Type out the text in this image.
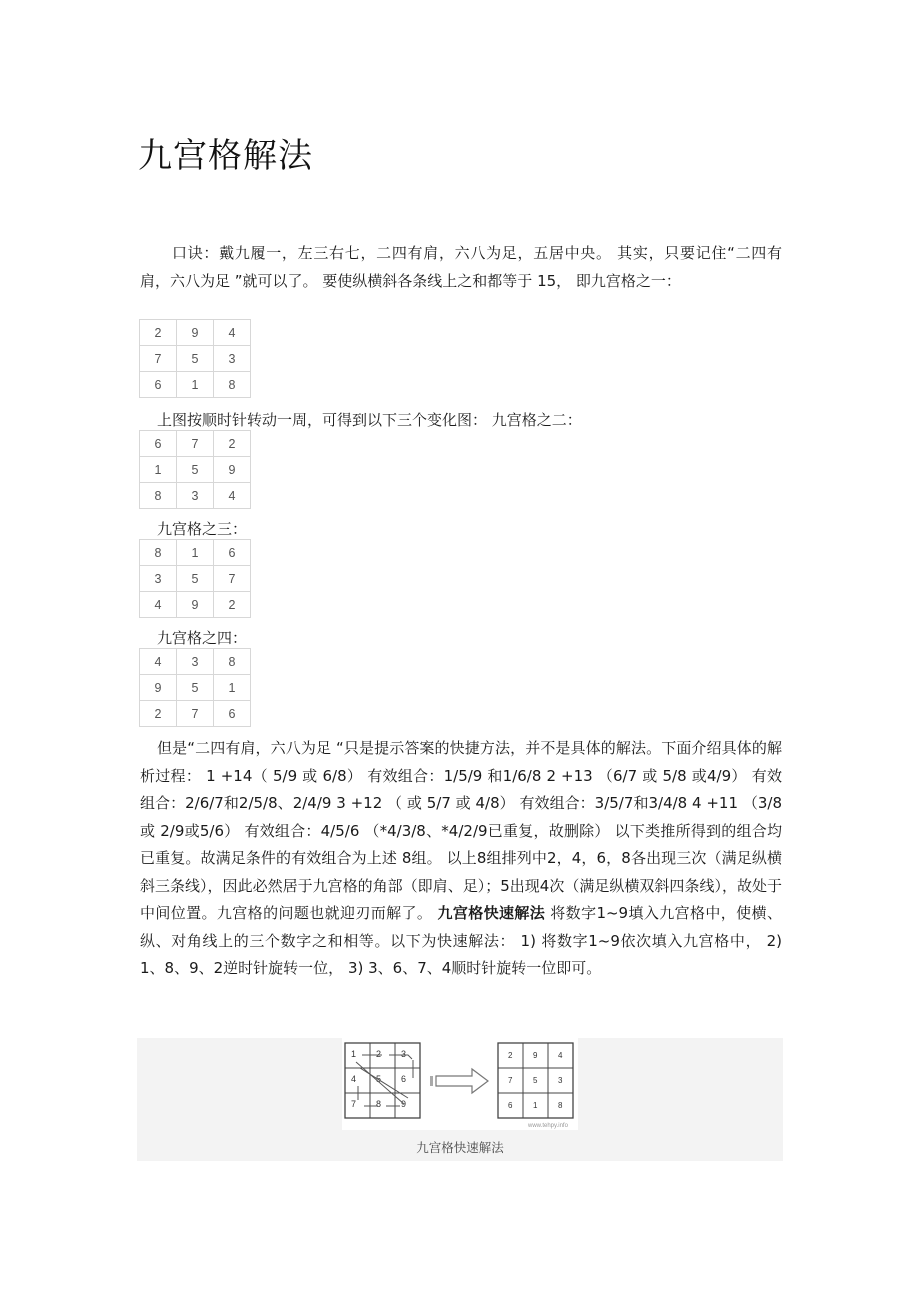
九宫格解法

口诀：戴九履一，左三右七，二四有肩，六八为足，五居中央。 其实，只要记住“二四有肩，六八为足 ”就可以了。 要使纵横斜各条线上之和都等于 15， 即九宫格之一：

2	9	4
7	5	3
6	1	8

上图按顺时针转动一周，可得到以下三个变化图： 九宫格之二：

6	7	2
1	5	9
8	3	4

九宫格之三：

8	1	6
3	5	7
4	9	2

九宫格之四：

4	3	8
9	5	1
2	7	6

但是“二四有肩，六八为足 “只是提示答案的快捷方法，并不是具体的解法。下面介绍具体的解析过程： 1 +14（ 5/9 或 6/8） 有效组合：1/5/9 和1/6/8 2 +13 （6/7 或 5/8 或4/9） 有效组合：2/6/7和2/5/8、2/4/9 3 +12 （ 或 5/7 或 4/8） 有效组合：3/5/7和3/4/8 4 +11 （3/8 或 2/9或5/6） 有效组合：4/5/6 （*4/3/8、*4/2/9已重复，故删除） 以下类推所得到的组合均已重复。故满足条件的有效组合为上述 8组。 以上8组排列中2，4，6，8各出现三次（满足纵横斜三条线），因此必然居于九宫格的角部（即肩、足）；5出现4次（满足纵横双斜四条线），故处于中间位置。九宫格的问题也就迎刃而解了。 九宫格快速解法 将数字1~9填入九宫格中，使横、纵、对角线上的三个数字之和相等。以下为快速解法： 1) 将数字1~9依次填入九宫格中， 2) 1、8、9、2逆时针旋转一位， 3) 3、6、7、4顺时针旋转一位即可。

1 2 3
4 5 6
7 8 9
2	9	4
7	5	3
6	1	8
www.tehpy.info
九宫格快速解法
